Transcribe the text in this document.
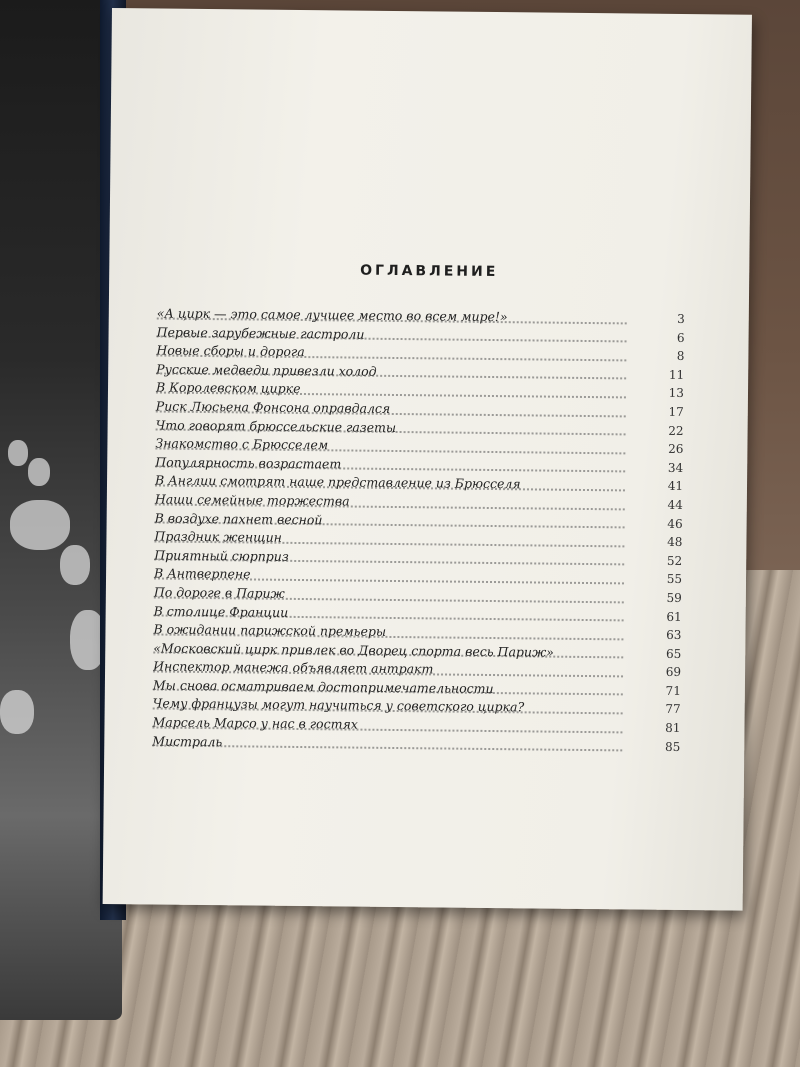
ОГЛАВЛЕНИЕ
«А цирк — это самое лучшее место во всем мире!»	3
Первые зарубежные гастроли	6
Новые сборы и дорога	8
Русские медведи привезли холод	11
В Королевском цирке	13
Риск Люсьена Фонсона оправдался	17
Что говорят брюссельские газеты	22
Знакомство с Брюсселем	26
Популярность возрастает	34
В Англии смотрят наше представление из Брюсселя	41
Наши семейные торжества	44
В воздухе пахнет весной	46
Праздник женщин	48
Приятный сюрприз	52
В Антверпене	55
По дороге в Париж	59
В столице Франции	61
В ожидании парижской премьеры	63
«Московский цирк привлек во Дворец спорта весь Париж»	65
Инспектор манежа объявляет антракт	69
Мы снова осматриваем достопримечательности	71
Чему французы могут научиться у советского цирка?	77
Марсель Марсо у нас в гостях	81
Мистраль	85
